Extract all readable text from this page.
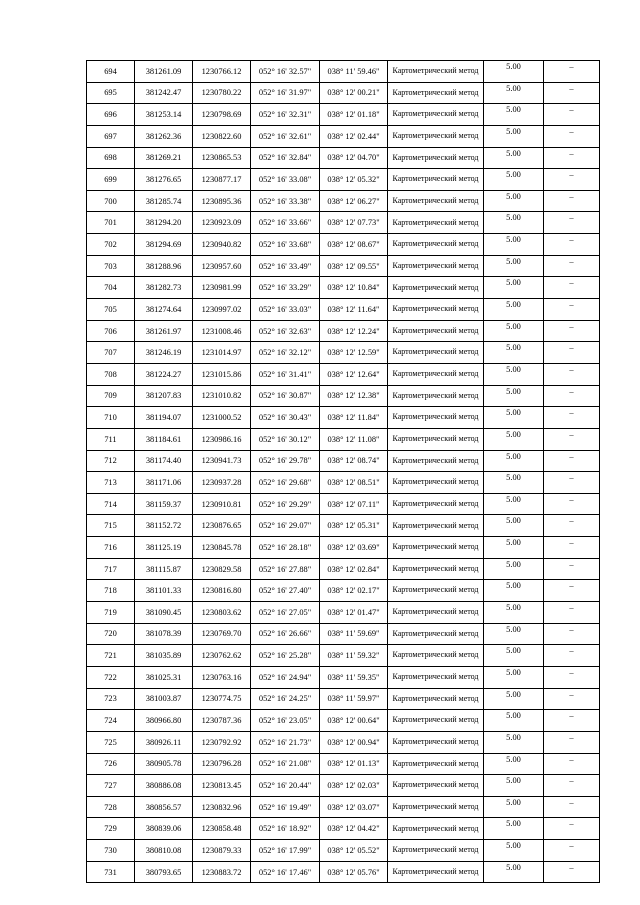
694	381261.09	1230766.12	052° 16' 32.57"	038° 11' 59.46"	Картометрический метод	5.00	–
695	381242.47	1230780.22	052° 16' 31.97"	038° 12' 00.21"	Картометрический метод	5.00	–
696	381253.14	1230798.69	052° 16' 32.31"	038° 12' 01.18"	Картометрический метод	5.00	–
697	381262.36	1230822.60	052° 16' 32.61"	038° 12' 02.44"	Картометрический метод	5.00	–
698	381269.21	1230865.53	052° 16' 32.84"	038° 12' 04.70"	Картометрический метод	5.00	–
699	381276.65	1230877.17	052° 16' 33.08"	038° 12' 05.32"	Картометрический метод	5.00	–
700	381285.74	1230895.36	052° 16' 33.38"	038° 12' 06.27"	Картометрический метод	5.00	–
701	381294.20	1230923.09	052° 16' 33.66"	038° 12' 07.73"	Картометрический метод	5.00	–
702	381294.69	1230940.82	052° 16' 33.68"	038° 12' 08.67"	Картометрический метод	5.00	–
703	381288.96	1230957.60	052° 16' 33.49"	038° 12' 09.55"	Картометрический метод	5.00	–
704	381282.73	1230981.99	052° 16' 33.29"	038° 12' 10.84"	Картометрический метод	5.00	–
705	381274.64	1230997.02	052° 16' 33.03"	038° 12' 11.64"	Картометрический метод	5.00	–
706	381261.97	1231008.46	052° 16' 32.63"	038° 12' 12.24"	Картометрический метод	5.00	–
707	381246.19	1231014.97	052° 16' 32.12"	038° 12' 12.59"	Картометрический метод	5.00	–
708	381224.27	1231015.86	052° 16' 31.41"	038° 12' 12.64"	Картометрический метод	5.00	–
709	381207.83	1231010.82	052° 16' 30.87"	038° 12' 12.38"	Картометрический метод	5.00	–
710	381194.07	1231000.52	052° 16' 30.43"	038° 12' 11.84"	Картометрический метод	5.00	–
711	381184.61	1230986.16	052° 16' 30.12"	038° 12' 11.08"	Картометрический метод	5.00	–
712	381174.40	1230941.73	052° 16' 29.78"	038° 12' 08.74"	Картометрический метод	5.00	–
713	381171.06	1230937.28	052° 16' 29.68"	038° 12' 08.51"	Картометрический метод	5.00	–
714	381159.37	1230910.81	052° 16' 29.29"	038° 12' 07.11"	Картометрический метод	5.00	–
715	381152.72	1230876.65	052° 16' 29.07"	038° 12' 05.31"	Картометрический метод	5.00	–
716	381125.19	1230845.78	052° 16' 28.18"	038° 12' 03.69"	Картометрический метод	5.00	–
717	381115.87	1230829.58	052° 16' 27.88"	038° 12' 02.84"	Картометрический метод	5.00	–
718	381101.33	1230816.80	052° 16' 27.40"	038° 12' 02.17"	Картометрический метод	5.00	–
719	381090.45	1230803.62	052° 16' 27.05"	038° 12' 01.47"	Картометрический метод	5.00	–
720	381078.39	1230769.70	052° 16' 26.66"	038° 11' 59.69"	Картометрический метод	5.00	–
721	381035.89	1230762.62	052° 16' 25.28"	038° 11' 59.32"	Картометрический метод	5.00	–
722	381025.31	1230763.16	052° 16' 24.94"	038° 11' 59.35"	Картометрический метод	5.00	–
723	381003.87	1230774.75	052° 16' 24.25"	038° 11' 59.97"	Картометрический метод	5.00	–
724	380966.80	1230787.36	052° 16' 23.05"	038° 12' 00.64"	Картометрический метод	5.00	–
725	380926.11	1230792.92	052° 16' 21.73"	038° 12' 00.94"	Картометрический метод	5.00	–
726	380905.78	1230796.28	052° 16' 21.08"	038° 12' 01.13"	Картометрический метод	5.00	–
727	380886.08	1230813.45	052° 16' 20.44"	038° 12' 02.03"	Картометрический метод	5.00	–
728	380856.57	1230832.96	052° 16' 19.49"	038° 12' 03.07"	Картометрический метод	5.00	–
729	380839.06	1230858.48	052° 16' 18.92"	038° 12' 04.42"	Картометрический метод	5.00	–
730	380810.08	1230879.33	052° 16' 17.99"	038° 12' 05.52"	Картометрический метод	5.00	–
731	380793.65	1230883.72	052° 16' 17.46"	038° 12' 05.76"	Картометрический метод	5.00	–
